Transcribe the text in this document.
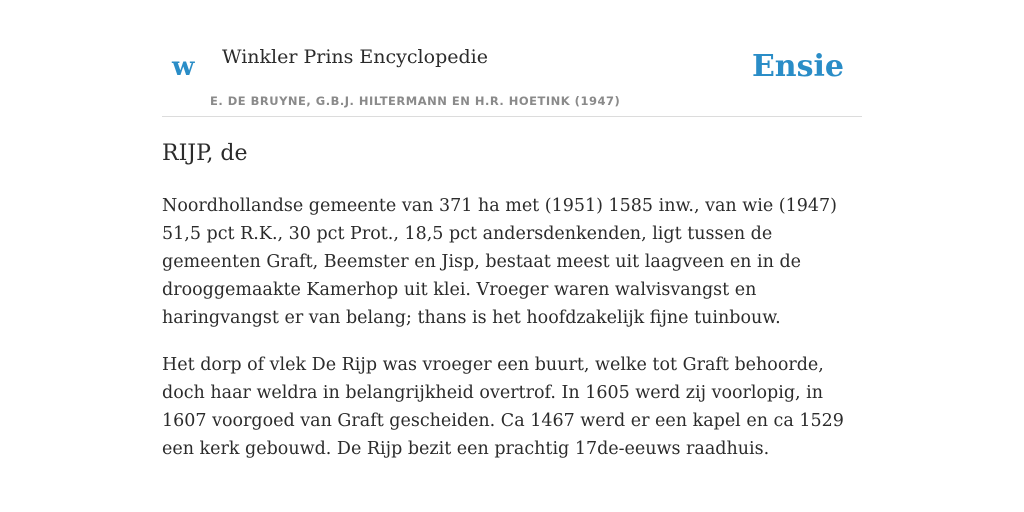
w Winkler Prins Encyclopedie
E. DE BRUYNE, G.B.J. HILTERMANN EN H.R. HOETINK (1947)
Ensie
RIJP, de

Noordhollandse gemeente van 371 ha met (1951) 1585 inw., van wie (1947) 51,5 pct R.K., 30 pct Prot., 18,5 pct andersdenkenden, ligt tussen de gemeenten Graft, Beemster en Jisp, bestaat meest uit laagveen en in de drooggemaakte Kamerhop uit klei. Vroeger waren walvisvangst en haringvangst er van belang; thans is het hoofdzakelijk fijne tuinbouw.

Het dorp of vlek De Rijp was vroeger een buurt, welke tot Graft behoorde, doch haar weldra in belangrijkheid overtrof. In 1605 werd zij voorlopig, in 1607 voorgoed van Graft gescheiden. Ca 1467 werd er een kapel en ca 1529 een kerk gebouwd. De Rijp bezit een prachtig 17de-eeuws raadhuis.
